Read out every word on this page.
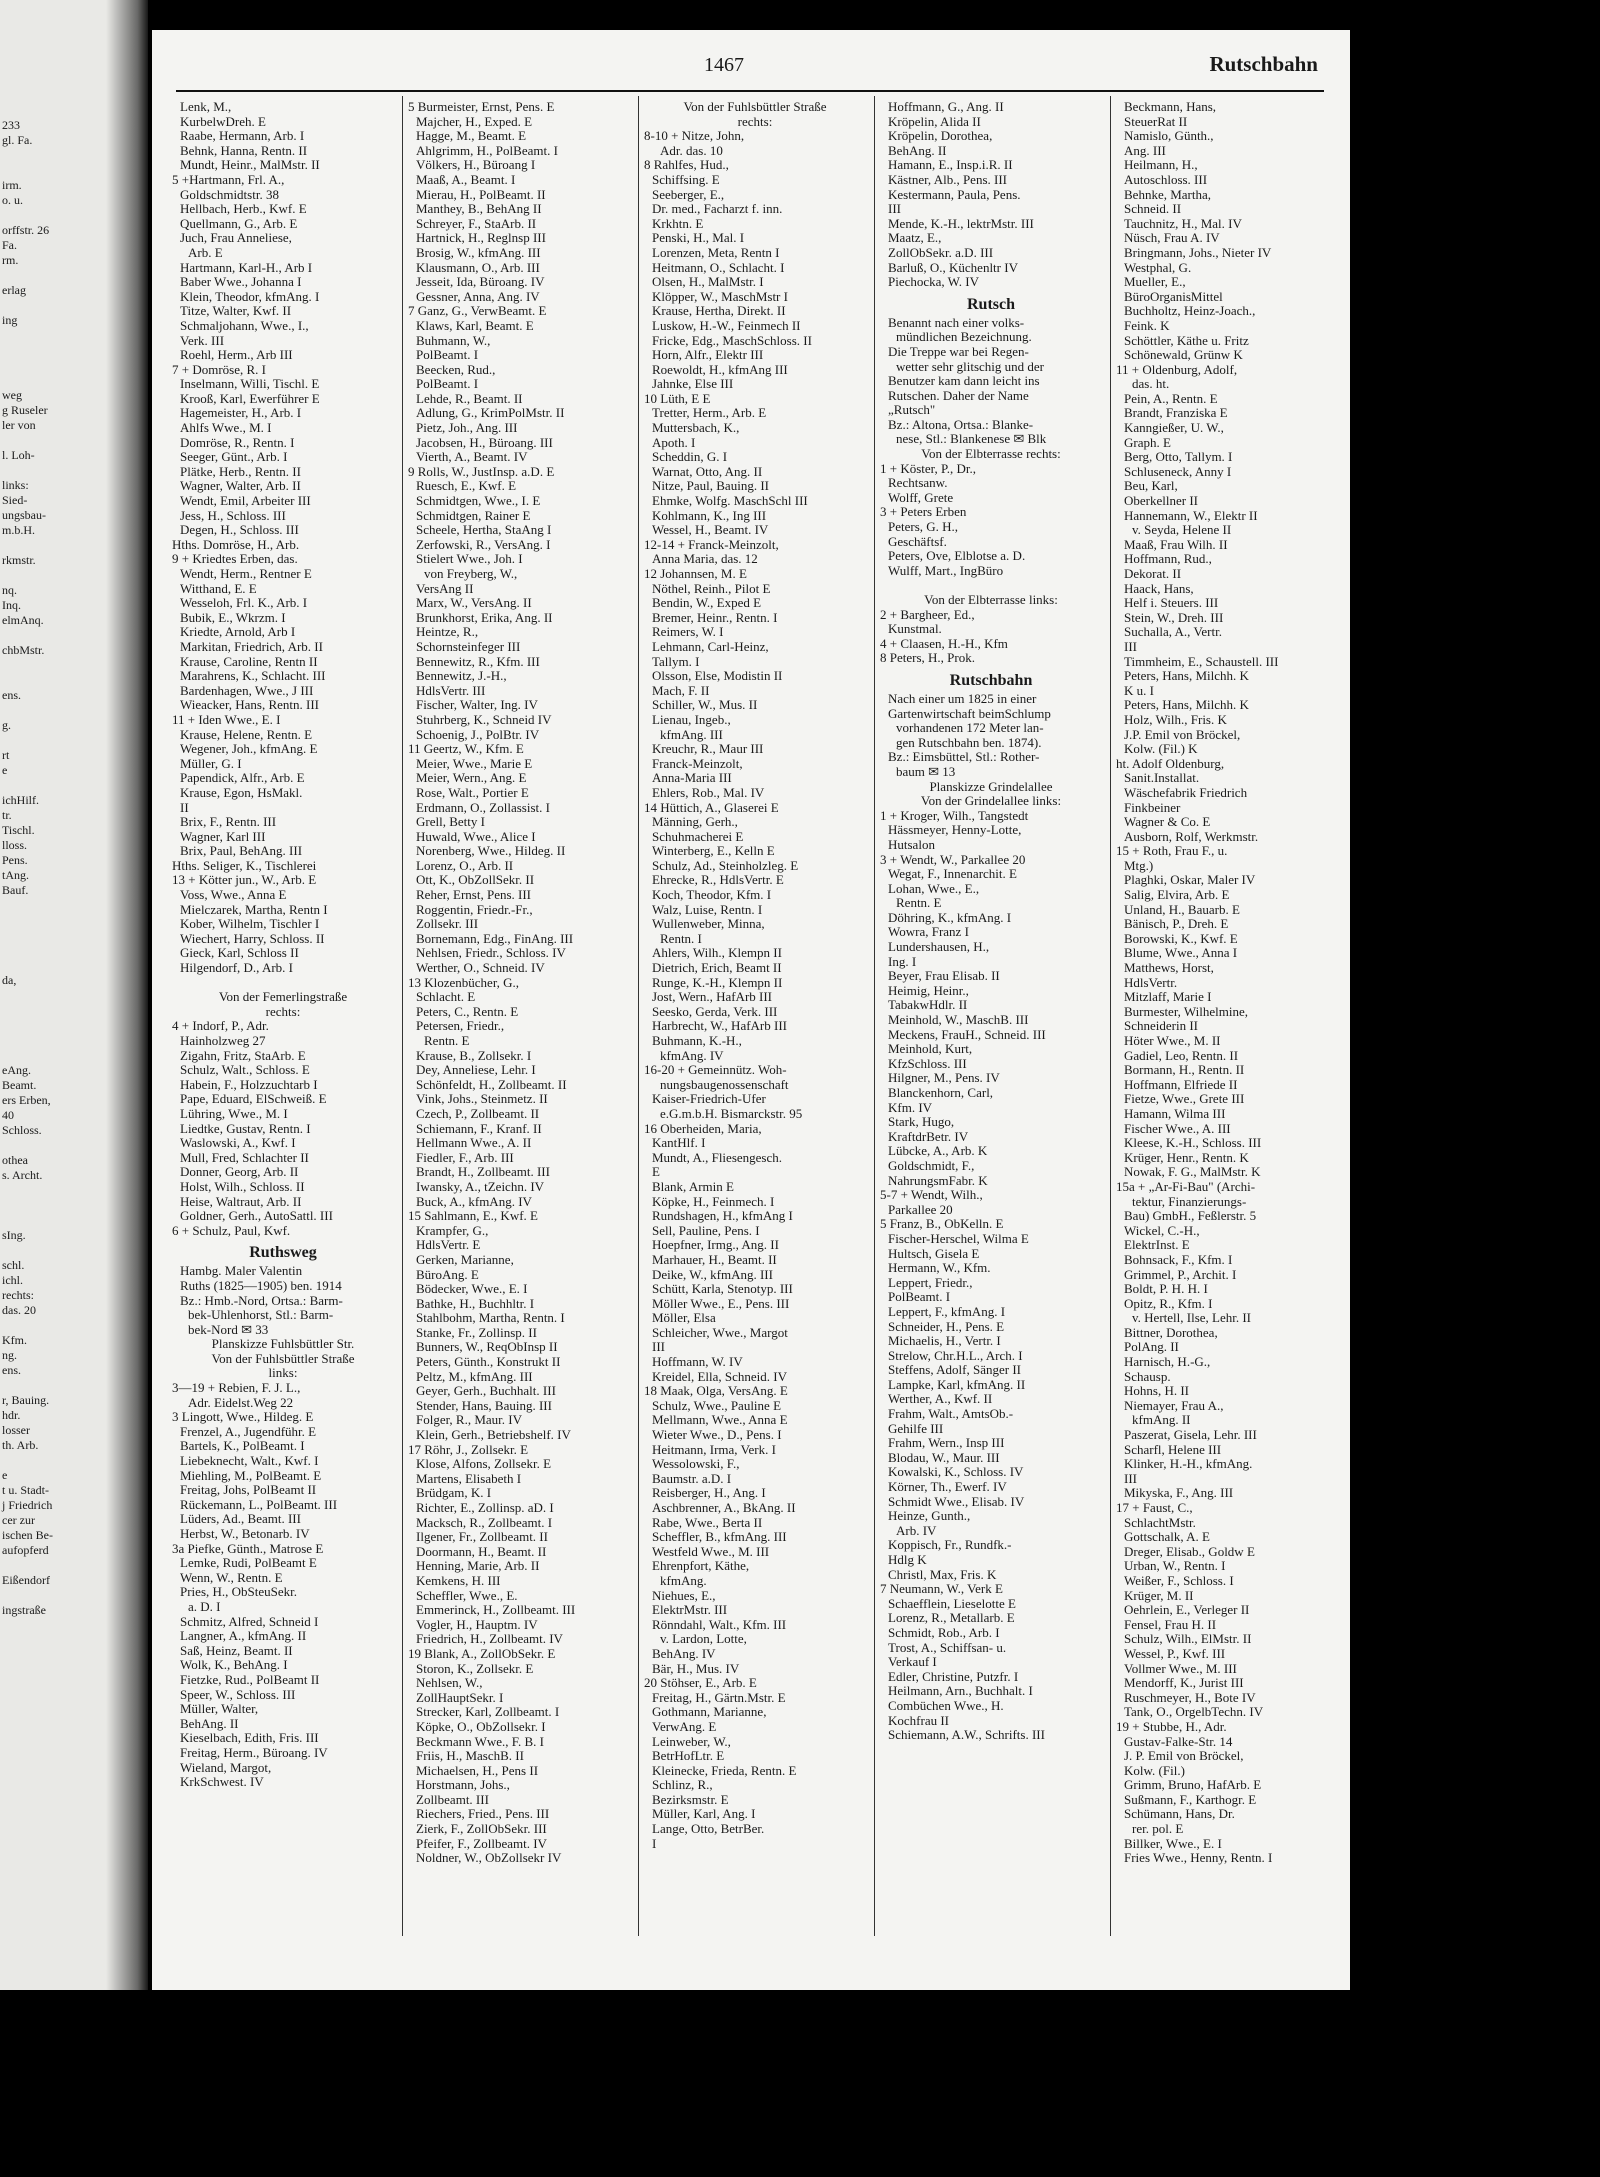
233
gl. Fa.
irm.
o. u.
orffstr. 26
Fa.
rm.
erlag
ing
weg
g Ruseler
ler von
l. Loh-
links:
Sied-
ungsbau-
m.b.H.
rkmstr.
nq.
Inq.
elmAnq.
chbMstr.
ens.
g.
rt
e
ichHilf.
tr.
Tischl.
lloss.
Pens.
tAng.
Bauf.
da,
eAng.
Beamt.
ers Erben,
40
Schloss.
othea
s. Archt.
sIng.
schl.
ichl.
rechts:
das. 20
Kfm.
ng.
ens.
r, Bauing.
hdr.
losser
th. Arb.
e
t u. Stadt-
j Friedrich
cer zur
ischen Be-
aufopferd
Eißendorf
ingstraße
1467	Rutschbahn
Lenk, M.,
KurbelwDreh. E
Raabe, Hermann, Arb. I
Behnk, Hanna, Rentn. II
Mundt, Heinr., MalMstr. II
5 +Hartmann, Frl. A.,
Goldschmidtstr. 38
Hellbach, Herb., Kwf. E
Quellmann, G., Arb. E
Juch, Frau Anneliese,
Arb. E
Hartmann, Karl-H., Arb I
Baber Wwe., Johanna I
Klein, Theodor, kfmAng. I
Titze, Walter, Kwf. II
Schmaljohann, Wwe., I.,
Verk. III
Roehl, Herm., Arb III
7 + Domröse, R. I
Inselmann, Willi, Tischl. E
Krooß, Karl, Ewerführer E
Hagemeister, H., Arb. I
Ahlfs Wwe., M. I
Domröse, R., Rentn. I
Seeger, Günt., Arb. I
Plätke, Herb., Rentn. II
Wagner, Walter, Arb. II
Wendt, Emil, Arbeiter III
Jess, H., Schloss. III
Degen, H., Schloss. III
Hths. Domröse, H., Arb.
9 + Kriedtes Erben, das.
Wendt, Herm., Rentner E
Witthand, E. E
Wesseloh, Frl. K., Arb. I
Bubik, E., Wkrzm. I
Kriedte, Arnold, Arb I
Markitan, Friedrich, Arb. II
Krause, Caroline, Rentn II
Marahrens, K., Schlacht. III
Bardenhagen, Wwe., J III
Wieacker, Hans, Rentn. III
11 + Iden Wwe., E. I
Krause, Helene, Rentn. E
Wegener, Joh., kfmAng. E
Müller, G. I
Papendick, Alfr., Arb. E
Krause, Egon, HsMakl.
II
Brix, F., Rentn. III
Wagner, Karl III
Brix, Paul, BehAng. III
Hths. Seliger, K., Tischlerei
13 + Kötter jun., W., Arb. E
Voss, Wwe., Anna E
Mielczarek, Martha, Rentn I
Kober, Wilhelm, Tischler I
Wiechert, Harry, Schloss. II
Gieck, Karl, Schloss II
Hilgendorf, D., Arb. I

Von der Femerlingstraße
rechts:
4 + Indorf, P., Adr.
Hainholzweg 27
Zigahn, Fritz, StaArb. E
Schulz, Walt., Schloss. E
Habein, F., Holzzuchtarb I
Pape, Eduard, ElSchweiß. E
Lühring, Wwe., M. I
Liedtke, Gustav, Rentn. I
Waslowski, A., Kwf. I
Mull, Fred, Schlachter II
Donner, Georg, Arb. II
Holst, Wilh., Schloss. II
Heise, Waltraut, Arb. II
Goldner, Gerh., AutoSattl. III
6 + Schulz, Paul, Kwf.
Ruthsweg
Hambg. Maler Valentin
Ruths (1825—1905) ben. 1914
Bz.: Hmb.-Nord, Ortsa.: Barm-
bek-Uhlenhorst, Stl.: Barm-
bek-Nord ✉ 33
Planskizze Fuhlsbüttler Str.
Von der Fuhlsbüttler Straße
links:
3—19 + Rebien, F. J. L.,
Adr. Eidelst.Weg 22
3 Lingott, Wwe., Hildeg. E
Frenzel, A., Jugendführ. E
Bartels, K., PolBeamt. I
Liebeknecht, Walt., Kwf. I
Miehling, M., PolBeamt. E
Freitag, Johs, PolBeamt II
Rückemann, L., PolBeamt. III
Lüders, Ad., Beamt. III
Herbst, W., Betonarb. IV
3a Piefke, Günth., Matrose E
Lemke, Rudi, PolBeamt E
Wenn, W., Rentn. E
Pries, H., ObSteuSekr.
a. D. I
Schmitz, Alfred, Schneid I
Langner, A., kfmAng. II
Saß, Heinz, Beamt. II
Wolk, K., BehAng. I
Fietzke, Rud., PolBeamt II
Speer, W., Schloss. III
Müller, Walter,
BehAng. II
Kieselbach, Edith, Fris. III
Freitag, Herm., Büroang. IV
Wieland, Margot,
KrkSchwest. IV
5 Burmeister, Ernst, Pens. E
Majcher, H., Exped. E
Hagge, M., Beamt. E
Ahlgrimm, H., PolBeamt. I
Völkers, H., Büroang I
Maaß, A., Beamt. I
Mierau, H., PolBeamt. II
Manthey, B., BehAng II
Schreyer, F., StaArb. II
Hartnick, H., Reglnsp III
Brosig, W., kfmAng. III
Klausmann, O., Arb. III
Jesseit, Ida, Büroang. IV
Gessner, Anna, Ang. IV
7 Ganz, G., VerwBeamt. E
Klaws, Karl, Beamt. E
Buhmann, W.,
PolBeamt. I
Beecken, Rud.,
PolBeamt. I
Lehde, R., Beamt. II
Adlung, G., KrimPolMstr. II
Pietz, Joh., Ang. III
Jacobsen, H., Büroang. III
Vierth, A., Beamt. IV
9 Rolls, W., JustInsp. a.D. E
Ruesch, E., Kwf. E
Schmidtgen, Wwe., I. E
Schmidtgen, Rainer E
Scheele, Hertha, StaAng I
Zerfowski, R., VersAng. I
Stielert Wwe., Joh. I
von Freyberg, W.,
VersAng II
Marx, W., VersAng. II
Brunkhorst, Erika, Ang. II
Heintze, R.,
Schornsteinfeger III
Bennewitz, R., Kfm. III
Bennewitz, J.-H.,
HdlsVertr. III
Fischer, Walter, Ing. IV
Stuhrberg, K., Schneid IV
Schoenig, J., PolBtr. IV
11 Geertz, W., Kfm. E
Meier, Wwe., Marie E
Meier, Wern., Ang. E
Rose, Walt., Portier E
Erdmann, O., Zollassist. I
Grell, Betty I
Huwald, Wwe., Alice I
Norenberg, Wwe., Hildeg. II
Lorenz, O., Arb. II
Ott, K., ObZollSekr. II
Reher, Ernst, Pens. III
Roggentin, Friedr.-Fr.,
Zollsekr. III
Bornemann, Edg., FinAng. III
Nehlsen, Friedr., Schloss. IV
Werther, O., Schneid. IV
13 Klozenbücher, G.,
Schlacht. E
Peters, C., Rentn. E
Petersen, Friedr.,
Rentn. E
Krause, B., Zollsekr. I
Dey, Anneliese, Lehr. I
Schönfeldt, H., Zollbeamt. II
Vink, Johs., Steinmetz. II
Czech, P., Zollbeamt. II
Schiemann, F., Kranf. II
Hellmann Wwe., A. II
Fiedler, F., Arb. III
Brandt, H., Zollbeamt. III
Iwansky, A., tZeichn. IV
Buck, A., kfmAng. IV
15 Sahlmann, E., Kwf. E
Krampfer, G.,
HdlsVertr. E
Gerken, Marianne,
BüroAng. E
Bödecker, Wwe., E. I
Bathke, H., Buchhltr. I
Stahlbohm, Martha, Rentn. I
Stanke, Fr., Zollinsp. II
Bunners, W., ReqObInsp II
Peters, Günth., Konstrukt II
Peltz, M., kfmAng. III
Geyer, Gerh., Buchhalt. III
Stender, Hans, Bauing. III
Folger, R., Maur. IV
Klein, Gerh., Betriebshelf. IV
17 Röhr, J., Zollsekr. E
Klose, Alfons, Zollsekr. E
Martens, Elisabeth I
Brüdgam, K. I
Richter, E., Zollinsp. aD. I
Macksch, R., Zollbeamt. I
Ilgener, Fr., Zollbeamt. II
Doormann, H., Beamt. II
Henning, Marie, Arb. II
Kemkens, H. III
Scheffler, Wwe., E.
Emmerinck, H., Zollbeamt. III
Vogler, H., Hauptm. IV
Friedrich, H., Zollbeamt. IV
19 Blank, A., ZollObSekr. E
Storon, K., Zollsekr. E
Nehlsen, W.,
ZollHauptSekr. I
Strecker, Karl, Zollbeamt. I
Köpke, O., ObZollsekr. I
Beckmann Wwe., F. B. I
Friis, H., MaschB. II
Michaelsen, H., Pens II
Horstmann, Johs.,
Zollbeamt. III
Riechers, Fried., Pens. III
Zierk, F., ZollObSekr. III
Pfeifer, F., Zollbeamt. IV
Noldner, W., ObZollsekr IV
Von der Fuhlsbüttler Straße
rechts:
8-10 + Nitze, John,
Adr. das. 10
8 Rahlfes, Hud.,
Schiffsing. E
Seeberger, E.,
Dr. med., Facharzt f. inn.
Krkhtn. E
Penski, H., Mal. I
Lorenzen, Meta, Rentn I
Heitmann, O., Schlacht. I
Olsen, H., MalMstr. I
Klöpper, W., MaschMstr I
Krause, Hertha, Direkt. II
Luskow, H.-W., Feinmech II
Fricke, Edg., MaschSchloss. II
Horn, Alfr., Elektr III
Roewoldt, H., kfmAng III
Jahnke, Else III
10 Lüth, E E
Tretter, Herm., Arb. E
Muttersbach, K.,
Apoth. I
Scheddin, G. I
Warnat, Otto, Ang. II
Nitze, Paul, Bauing. II
Ehmke, Wolfg. MaschSchl III
Kohlmann, K., Ing III
Wessel, H., Beamt. IV
12-14 + Franck-Meinzolt,
Anna Maria, das. 12
12 Johannsen, M. E
Nöthel, Reinh., Pilot E
Bendin, W., Exped E
Bremer, Heinr., Rentn. I
Reimers, W. I
Lehmann, Carl-Heinz,
Tallym. I
Olsson, Else, Modistin II
Mach, F. II
Schiller, W., Mus. II
Lienau, Ingeb.,
kfmAng. III
Kreuchr, R., Maur III
Franck-Meinzolt,
Anna-Maria III
Ehlers, Rob., Mal. IV
14 Hüttich, A., Glaserei E
Männing, Gerh.,
Schuhmacherei E
Winterberg, E., Kelln E
Schulz, Ad., Steinholzleg. E
Ehrecke, R., HdlsVertr. E
Koch, Theodor, Kfm. I
Walz, Luise, Rentn. I
Wullenweber, Minna,
Rentn. I
Ahlers, Wilh., Klempn II
Dietrich, Erich, Beamt II
Runge, K.-H., Klempn II
Jost, Wern., HafArb III
Seesko, Gerda, Verk. III
Harbrecht, W., HafArb III
Buhmann, K.-H.,
kfmAng. IV
16-20 + Gemeinnütz. Woh-
nungsbaugenossenschaft
Kaiser-Friedrich-Ufer
e.G.m.b.H. Bismarckstr. 95
16 Oberheiden, Maria,
KantHlf. I
Mundt, A., Fliesengesch.
E
Blank, Armin E
Köpke, H., Feinmech. I
Rundshagen, H., kfmAng I
Sell, Pauline, Pens. I
Hoepfner, Irmg., Ang. II
Marhauer, H., Beamt. II
Deike, W., kfmAng. III
Schütt, Karla, Stenotyp. III
Möller Wwe., E., Pens. III
Möller, Elsa
Schleicher, Wwe., Margot
III
Hoffmann, W. IV
Kreidel, Ella, Schneid. IV
18 Maak, Olga, VersAng. E
Schulz, Wwe., Pauline E
Mellmann, Wwe., Anna E
Wieter Wwe., D., Pens. I
Heitmann, Irma, Verk. I
Wessolowski, F.,
Baumstr. a.D. I
Reisberger, H., Ang. I
Aschbrenner, A., BkAng. II
Rabe, Wwe., Berta II
Scheffler, B., kfmAng. III
Westfeld Wwe., M. III
Ehrenpfort, Käthe,
kfmAng.
Niehues, E.,
ElektrMstr. III
Rönndahl, Walt., Kfm. III
v. Lardon, Lotte,
BehAng. IV
Bär, H., Mus. IV
20 Stöhser, E., Arb. E
Freitag, H., Gärtn.Mstr. E
Gothmann, Marianne,
VerwAng. E
Leinweber, W.,
BetrHofLtr. E
Kleinecke, Frieda, Rentn. E
Schlinz, R.,
Bezirksmstr. E
Müller, Karl, Ang. I
Lange, Otto, BetrBer.
I
Hoffmann, G., Ang. II
Kröpelin, Alida II
Kröpelin, Dorothea,
BehAng. II
Hamann, E., Insp.i.R. II
Kästner, Alb., Pens. III
Kestermann, Paula, Pens.
III
Mende, K.-H., lektrMstr. III
Maatz, E.,
ZollObSekr. a.D. III
Barluß, O., Küchenltr IV
Piechocka, W. IV
Rutsch
Benannt nach einer volks-
mündlichen Bezeichnung.
Die Treppe war bei Regen-
wetter sehr glitschig und der
Benutzer kam dann leicht ins
Rutschen. Daher der Name
„Rutsch"
Bz.: Altona, Ortsa.: Blanke-
nese, Stl.: Blankenese ✉ Blk
Von der Elbterrasse rechts:
1 + Köster, P., Dr.,
Rechtsanw.
Wolff, Grete
3 + Peters Erben
Peters, G. H.,
Geschäftsf.
Peters, Ove, Elblotse a. D.
Wulff, Mart., IngBüro

Von der Elbterrasse links:
2 + Bargheer, Ed.,
Kunstmal.
4 + Claasen, H.-H., Kfm
8 Peters, H., Prok.
Rutschbahn
Nach einer um 1825 in einer
Gartenwirtschaft beimSchlump
vorhandenen 172 Meter lan-
gen Rutschbahn ben. 1874).
Bz.: Eimsbüttel, Stl.: Rother-
baum ✉ 13
Planskizze Grindelallee
Von der Grindelallee links:
1 + Kroger, Wilh., Tangstedt
Hässmeyer, Henny-Lotte,
Hutsalon
3 + Wendt, W., Parkallee 20
Wegat, F., Innenarchit. E
Lohan, Wwe., E.,
Rentn. E
Döhring, K., kfmAng. I
Wowra, Franz I
Lundershausen, H.,
Ing. I
Beyer, Frau Elisab. II
Heimig, Heinr.,
TabakwHdlr. II
Meinhold, W., MaschB. III
Meckens, FrauH., Schneid. III
Meinhold, Kurt,
KfzSchloss. III
Hilgner, M., Pens. IV
Blanckenhorn, Carl,
Kfm. IV
Stark, Hugo,
KraftdrBetr. IV
Lübcke, A., Arb. K
Goldschmidt, F.,
NahrungsmFabr. K
5-7 + Wendt, Wilh.,
Parkallee 20
5 Franz, B., ObKelln. E
Fischer-Herschel, Wilma E
Hultsch, Gisela E
Hermann, W., Kfm.
Leppert, Friedr.,
PolBeamt. I
Leppert, F., kfmAng. I
Schneider, H., Pens. E
Michaelis, H., Vertr. I
Strelow, Chr.H.L., Arch. I
Steffens, Adolf, Sänger II
Lampke, Karl, kfmAng. II
Werther, A., Kwf. II
Frahm, Walt., AmtsOb.-
Gehilfe III
Frahm, Wern., Insp III
Blodau, W., Maur. III
Kowalski, K., Schloss. IV
Körner, Th., Ewerf. IV
Schmidt Wwe., Elisab. IV
Heinze, Gunth.,
Arb. IV
Koppisch, Fr., Rundfk.-
Hdlg K
Christl, Max, Fris. K
7 Neumann, W., Verk E
Schaefflein, Lieselotte E
Lorenz, R., Metallarb. E
Schmidt, Rob., Arb. I
Trost, A., Schiffsan- u.
Verkauf I
Edler, Christine, Putzfr. I
Heilmann, Arn., Buchhalt. I
Combüchen Wwe., H.
Kochfrau II
Schiemann, A.W., Schrifts. III
Beckmann, Hans,
SteuerRat II
Namislo, Günth.,
Ang. III
Heilmann, H.,
Autoschloss. III
Behnke, Martha,
Schneid. II
Tauchnitz, H., Mal. IV
Nüsch, Frau A. IV
Bringmann, Johs., Nieter IV
Westphal, G.
Mueller, E.,
BüroOrganisMittel
Buchholtz, Heinz-Joach.,
Feink. K
Schöttler, Käthe u. Fritz
Schönewald, Grünw K
11 + Oldenburg, Adolf,
das. ht.
Pein, A., Rentn. E
Brandt, Franziska E
Kanngießer, U. W.,
Graph. E
Berg, Otto, Tallym. I
Schluseneck, Anny I
Beu, Karl,
Oberkellner II
Hannemann, W., Elektr II
v. Seyda, Helene II
Maaß, Frau Wilh. II
Hoffmann, Rud.,
Dekorat. II
Haack, Hans,
Helf i. Steuers. III
Stein, W., Dreh. III
Suchalla, A., Vertr.
III
Timmheim, E., Schaustell. III
Peters, Hans, Milchh. K
K u. I
Peters, Hans, Milchh. K
Holz, Wilh., Fris. K
J.P. Emil von Bröckel,
Kolw. (Fil.) K
ht. Adolf Oldenburg,
Sanit.Installat.
Wäschefabrik Friedrich
Finkbeiner
Wagner & Co. E
Ausborn, Rolf, Werkmstr.
15 + Roth, Frau F., u.
Mtg.)
Plaghki, Oskar, Maler IV
Salig, Elvira, Arb. E
Unland, H., Bauarb. E
Bänisch, P., Dreh. E
Borowski, K., Kwf. E
Blume, Wwe., Anna I
Matthews, Horst,
HdlsVertr.
Mitzlaff, Marie I
Burmester, Wilhelmine,
Schneiderin II
Höter Wwe., M. II
Gadiel, Leo, Rentn. II
Bormann, H., Rentn. II
Hoffmann, Elfriede II
Fietze, Wwe., Grete III
Hamann, Wilma III
Fischer Wwe., A. III
Kleese, K.-H., Schloss. III
Krüger, Henr., Rentn. K
Nowak, F. G., MalMstr. K
15a + „Ar-Fi-Bau" (Archi-
tektur, Finanzierungs-
Bau) GmbH., Feßlerstr. 5
Wickel, C.-H.,
ElektrInst. E
Bohnsack, F., Kfm. I
Grimmel, P., Archit. I
Boldt, P. H. H. I
Opitz, R., Kfm. I
v. Hertell, Ilse, Lehr. II
Bittner, Dorothea,
PolAng. II
Harnisch, H.-G.,
Schausp.
Hohns, H. II
Niemayer, Frau A.,
kfmAng. II
Paszerat, Gisela, Lehr. III
Scharfl, Helene III
Klinker, H.-H., kfmAng.
III
Mikyska, F., Ang. III
17 + Faust, C.,
SchlachtMstr.
Gottschalk, A. E
Dreger, Elisab., Goldw E
Urban, W., Rentn. I
Weißer, F., Schloss. I
Krüger, M. II
Oehrlein, E., Verleger II
Fensel, Frau H. II
Schulz, Wilh., ElMstr. II
Wessel, P., Kwf. III
Vollmer Wwe., M. III
Mendorff, K., Jurist III
Ruschmeyer, H., Bote IV
Tank, O., OrgelbTechn. IV
19 + Stubbe, H., Adr.
Gustav-Falke-Str. 14
J. P. Emil von Bröckel,
Kolw. (Fil.)
Grimm, Bruno, HafArb. E
Sußmann, F., Karthogr. E
Schümann, Hans, Dr.
rer. pol. E
Billker, Wwe., E. I
Fries Wwe., Henny, Rentn. I
